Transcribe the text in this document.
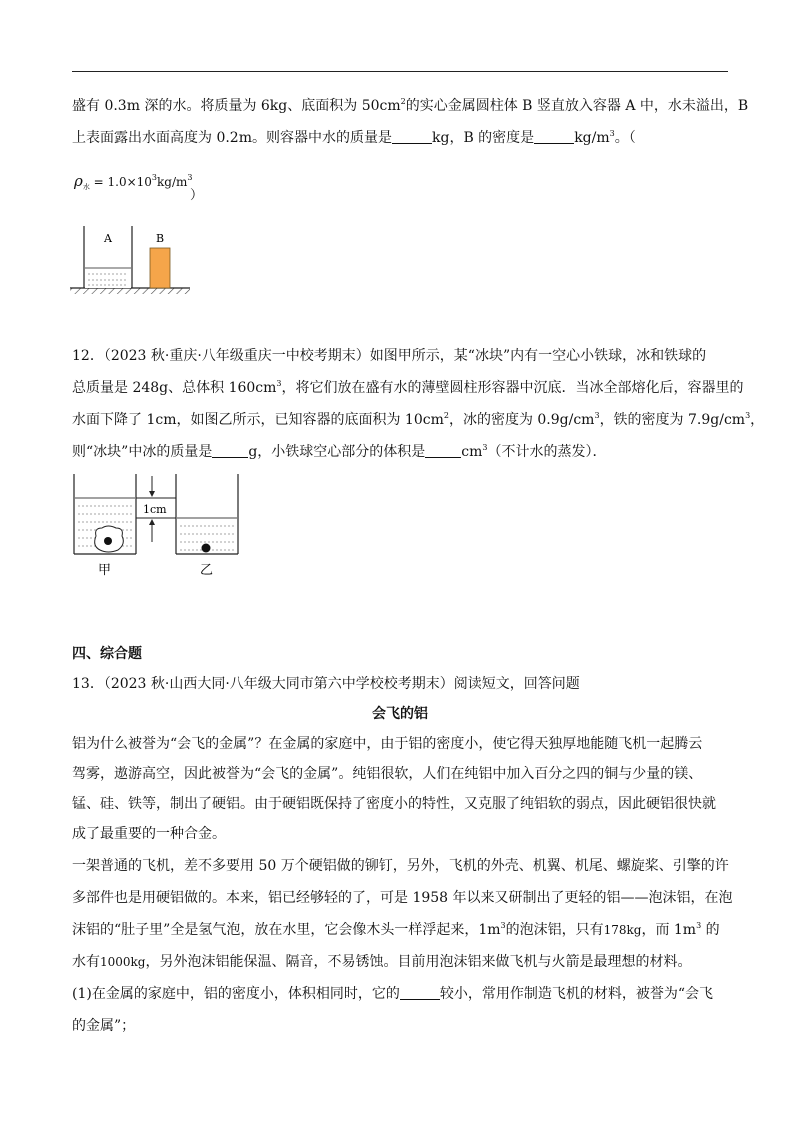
盛有 0.3m 深的水。将质量为 6kg、底面积为 $50cm^2$的实心金属圆柱体 B 竖直放入容器 A 中，水未溢出，B
上表面露出水面高度为 0.2m。则容器中水的质量是	kg，B 的密度是	$kg/m^3$。（
$\rho_水 = 1.0\times 10^3kg/m^3$
）
A	B
12．（2023 秋·重庆·八年级重庆一中校考期末）如图甲所示，某“冰块”内有一空心小铁球，冰和铁球的
总质量是 248g、总体积 $160cm^3$，将它们放在盛有水的薄壁圆柱形容器中沉底．当冰全部熔化后，容器里的
水面下降了 1cm，如图乙所示，已知容器的底面积为 $10cm^2$，冰的密度为 $0.9g/cm^3$，铁的密度为 $7.9g/cm^3$，
则“冰块”中冰的质量是	g，小铁球空心部分的体积是	$cm^3$（不计水的蒸发）．
1cm
甲	乙
四、综合题
13．（2023 秋·山西大同·八年级大同市第六中学校校考期末）阅读短文，回答问题
会飞的铝
铝为什么被誉为“会飞的金属”？在金属的家庭中，由于铝的密度小，使它得天独厚地能随飞机一起腾云
驾雾，遨游高空，因此被誉为“会飞的金属”。纯铝很软，人们在纯铝中加入百分之四的铜与少量的镁、
锰、硅、铁等，制出了硬铝。由于硬铝既保持了密度小的特性，又克服了纯铝软的弱点，因此硬铝很快就
成了最重要的一种合金。
一架普通的飞机，差不多要用 50 万个硬铝做的铆钉，另外，飞机的外壳、机翼、机尾、螺旋桨、引擎的许
多部件也是用硬铝做的。本来，铝已经够轻的了，可是 1958 年以来又研制出了更轻的铝——泡沫铝，在泡
沫铝的“肚子里”全是氢气泡，放在水里，它会像木头一样浮起来，$1m^3$的泡沫铝，只有178kg，而 $1m^3$ 的
水有1000kg，另外泡沫铝能保温、隔音，不易锈蚀。目前用泡沫铝来做飞机与火箭是最理想的材料。
(1)在金属的家庭中，铝的密度小，体积相同时，它的	较小，常用作制造飞机的材料，被誉为“会飞
的金属”；
